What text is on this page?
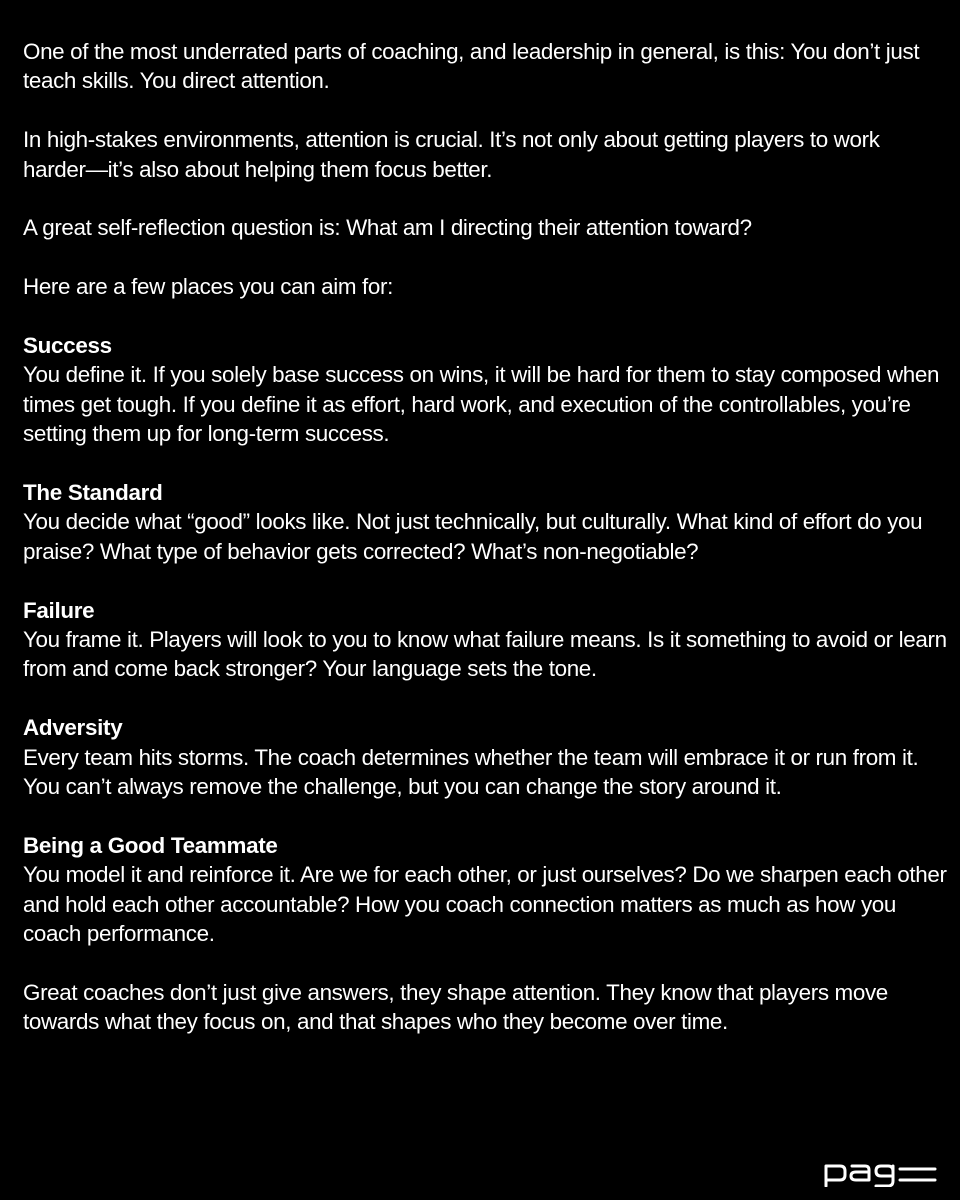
One of the most underrated parts of coaching, and leadership in general, is this: You don’t just teach skills. You direct attention.

In high-stakes environments, attention is crucial. It’s not only about getting players to work harder—it’s also about helping them focus better.

A great self-reflection question is: What am I directing their attention toward?

Here are a few places you can aim for:

Success

You define it. If you solely base success on wins, it will be hard for them to stay composed when times get tough. If you define it as effort, hard work, and execution of the controllables, you’re setting them up for long-term success.

The Standard

You decide what “good” looks like. Not just technically, but culturally. What kind of effort do you praise? What type of behavior gets corrected? What’s non-negotiable?

Failure

You frame it. Players will look to you to know what failure means. Is it something to avoid or learn from and come back stronger? Your language sets the tone.

Adversity

Every team hits storms. The coach determines whether the team will embrace it or run from it. You can’t always remove the challenge, but you can change the story around it.

Being a Good Teammate

You model it and reinforce it. Are we for each other, or just ourselves? Do we sharpen each other and hold each other accountable? How you coach connection matters as much as how you coach performance.

Great coaches don’t just give answers, they shape attention. They know that players move towards what they focus on, and that shapes who they become over time.
